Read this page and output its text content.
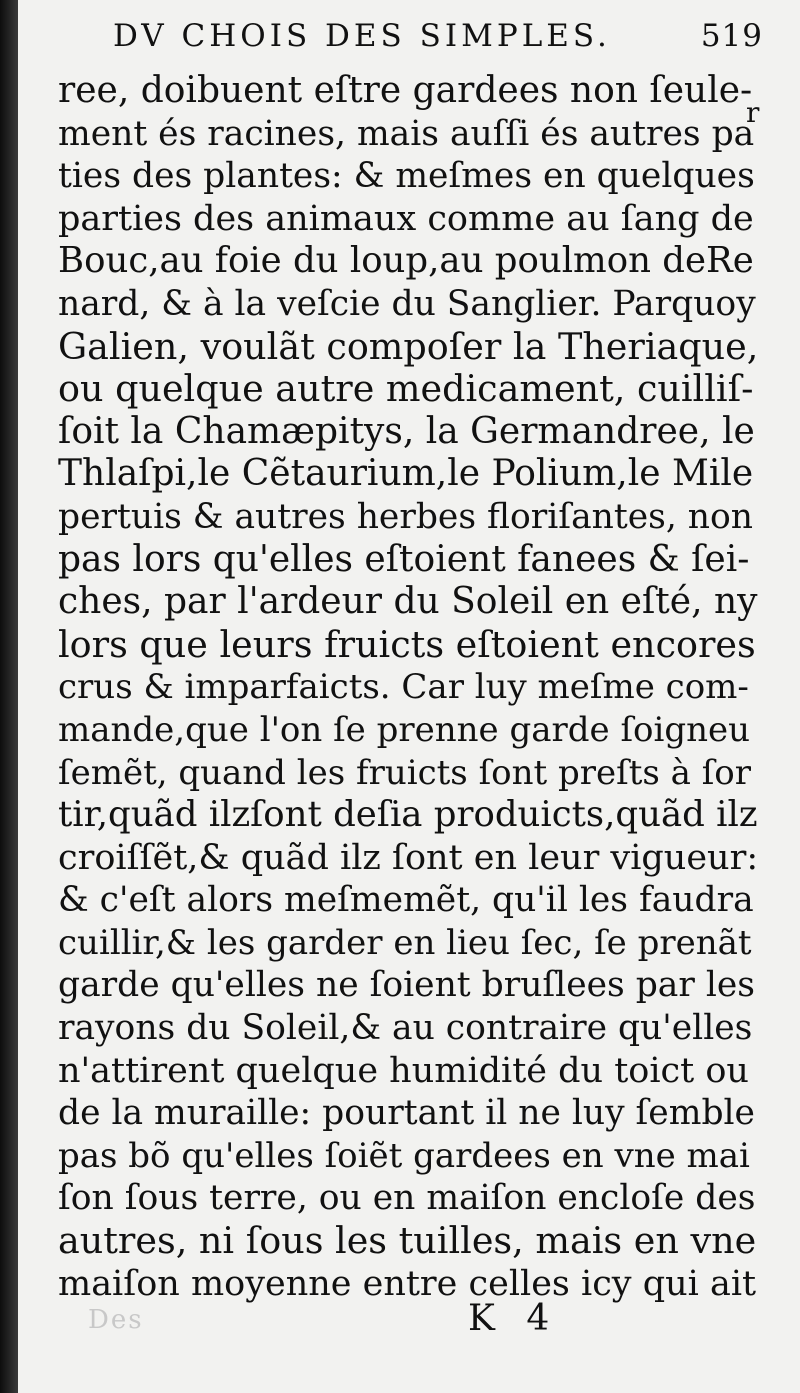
DV CHOIS DES SIMPLES.	519
r
ree, doibuent eſtre gardees non ſeule-
ment és racines, mais auſſi és autres pa
ties des plantes: & meſmes en quelques
parties des animaux comme au ſang de
Bouc,au foie du loup,au poulmon deRe
nard, & à la veſcie du Sanglier. Parquoy
Galien, voulãt compoſer la Theriaque,
ou quelque autre medicament, cuilliſ-
ſoit la Chamæpitys, la Germandree, le
Thlaſpi,le Cẽtaurium,le Polium,le Mile
pertuis & autres herbes floriſantes, non
pas lors qu'elles eſtoient fanees & ſei-
ches, par l'ardeur du Soleil en eſté, ny
lors que leurs fruicts eſtoient encores
crus & imparfaicts. Car luy meſme com-
mande,que l'on ſe prenne garde ſoigneu
ſemẽt, quand les fruicts ſont preſts à ſor
tir,quãd ilzſont deſia produicts,quãd ilz
croiſſẽt,& quãd ilz ſont en leur vigueur:
& c'eſt alors meſmemẽt, qu'il les faudra
cuillir,& les garder en lieu ſec, ſe prenãt
garde qu'elles ne ſoient bruſlees par les
rayons du Soleil,& au contraire qu'elles
n'attirent quelque humidité du toict ou
de la muraille: pourtant il ne luy ſemble
pas bõ qu'elles ſoiẽt gardees en vne mai
ſon ſous terre, ou en maiſon encloſe des
autres, ni ſous les tuilles, mais en vne
maiſon moyenne entre celles icy qui ait
Des	K 4
